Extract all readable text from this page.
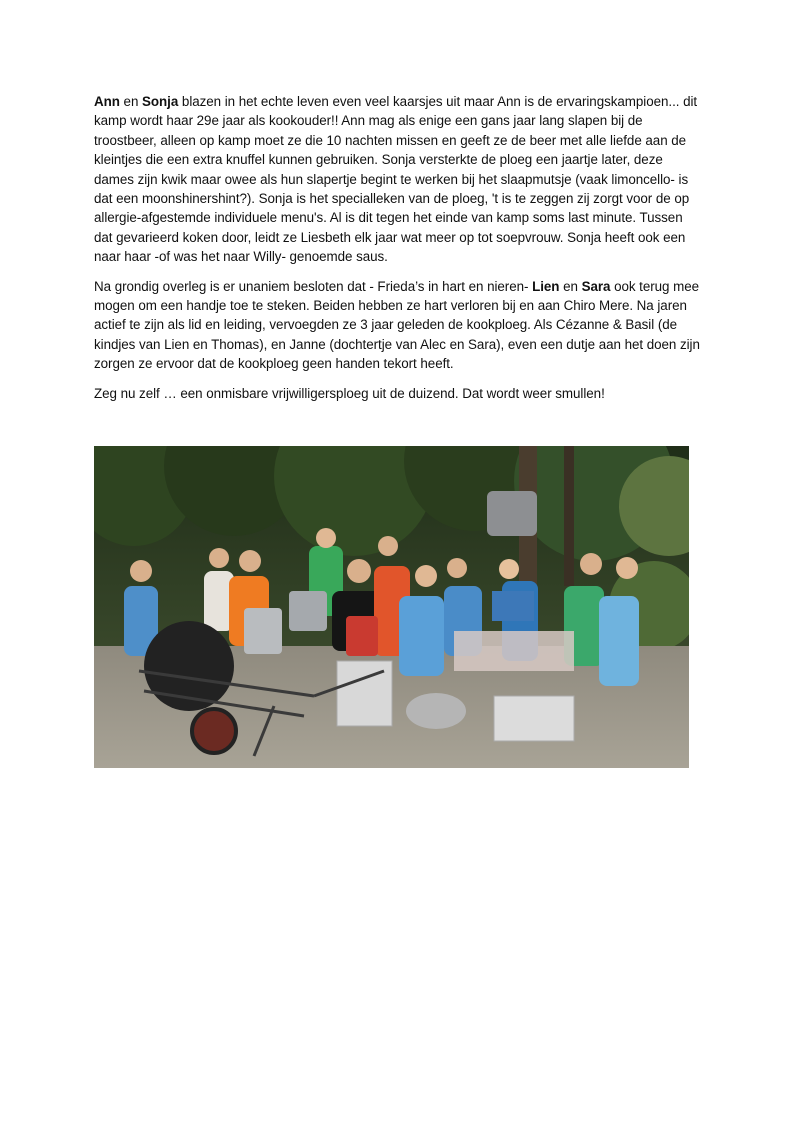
Ann en Sonja blazen in het echte leven even veel kaarsjes uit maar Ann is de ervaringskampioen... dit kamp wordt haar 29e jaar als kookouder!! Ann mag als enige een gans jaar lang slapen bij de troostbeer, alleen op kamp moet ze die 10 nachten missen en geeft ze de beer met alle liefde aan de kleintjes die een extra knuffel kunnen gebruiken. Sonja versterkte de ploeg een jaartje later, deze dames zijn kwik maar owee als hun slapertje begint te werken bij het slaapmutsje (vaak limoncello- is dat een moonshinershint?). Sonja is het specialleken van de ploeg, 't is te zeggen zij zorgt voor de op allergie-afgestemde individuele menu's. Al is dit tegen het einde van kamp soms last minute. Tussen dat gevarieerd koken door, leidt ze Liesbeth elk jaar wat meer op tot soepvrouw. Sonja heeft ook een naar haar -of was het naar Willy- genoemde saus.

Na grondig overleg is er unaniem besloten dat - Frieda’s in hart en nieren- Lien en Sara ook terug mee mogen om een handje toe te steken. Beiden hebben ze hart verloren bij en aan Chiro Mere. Na jaren actief te zijn als lid en leiding, vervoegden ze 3 jaar geleden de kookploeg. Als Cézanne & Basil (de kindjes van Lien en Thomas), en Janne (dochtertje van Alec en Sara), even een dutje aan het doen zijn zorgen ze ervoor dat de kookploeg geen handen tekort heeft.

Zeg nu zelf … een onmisbare vrijwilligersploeg uit de duizend. Dat wordt weer smullen!
